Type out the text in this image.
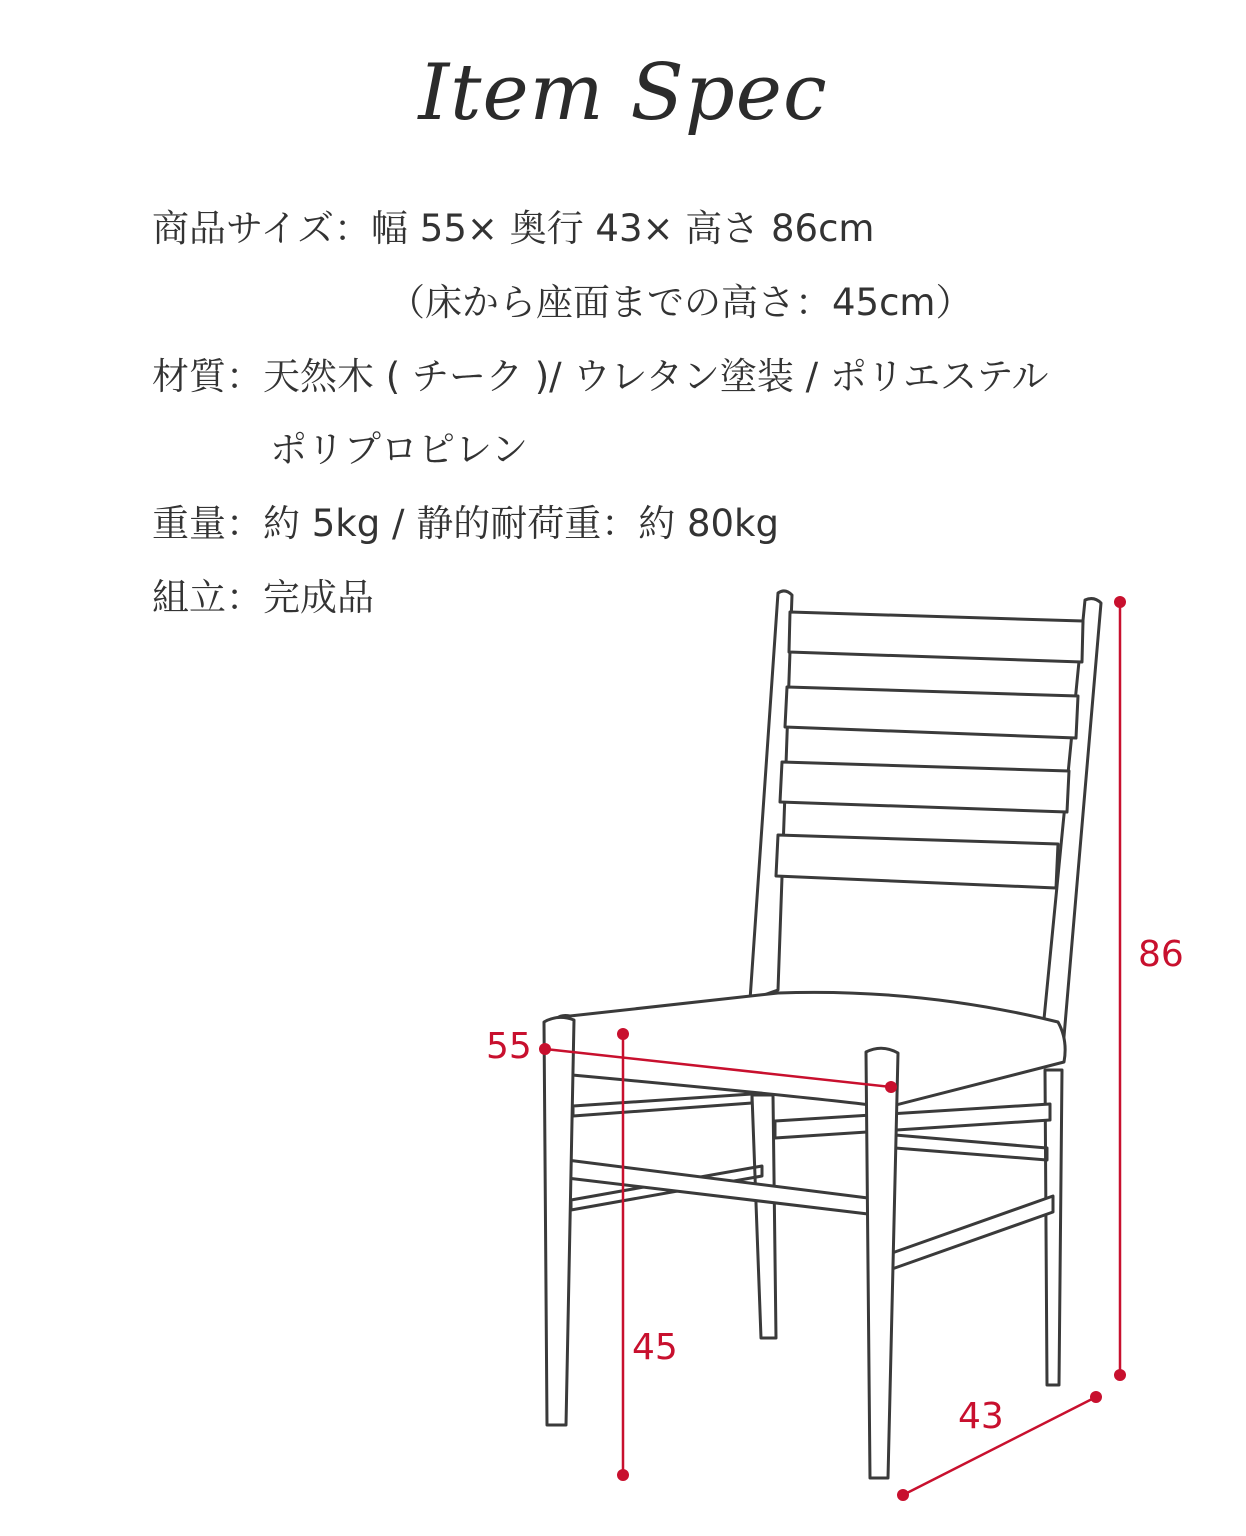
Item Spec
商品サイズ：幅 55× 奥行 43× 高さ 86cm
（床から座面までの高さ：45cm）
材質：天然木 ( チーク )/ ウレタン塗装 / ポリエステル
ポリプロピレン
重量：約 5kg / 静的耐荷重：約 80kg
組立：完成品
55
45
86
43
